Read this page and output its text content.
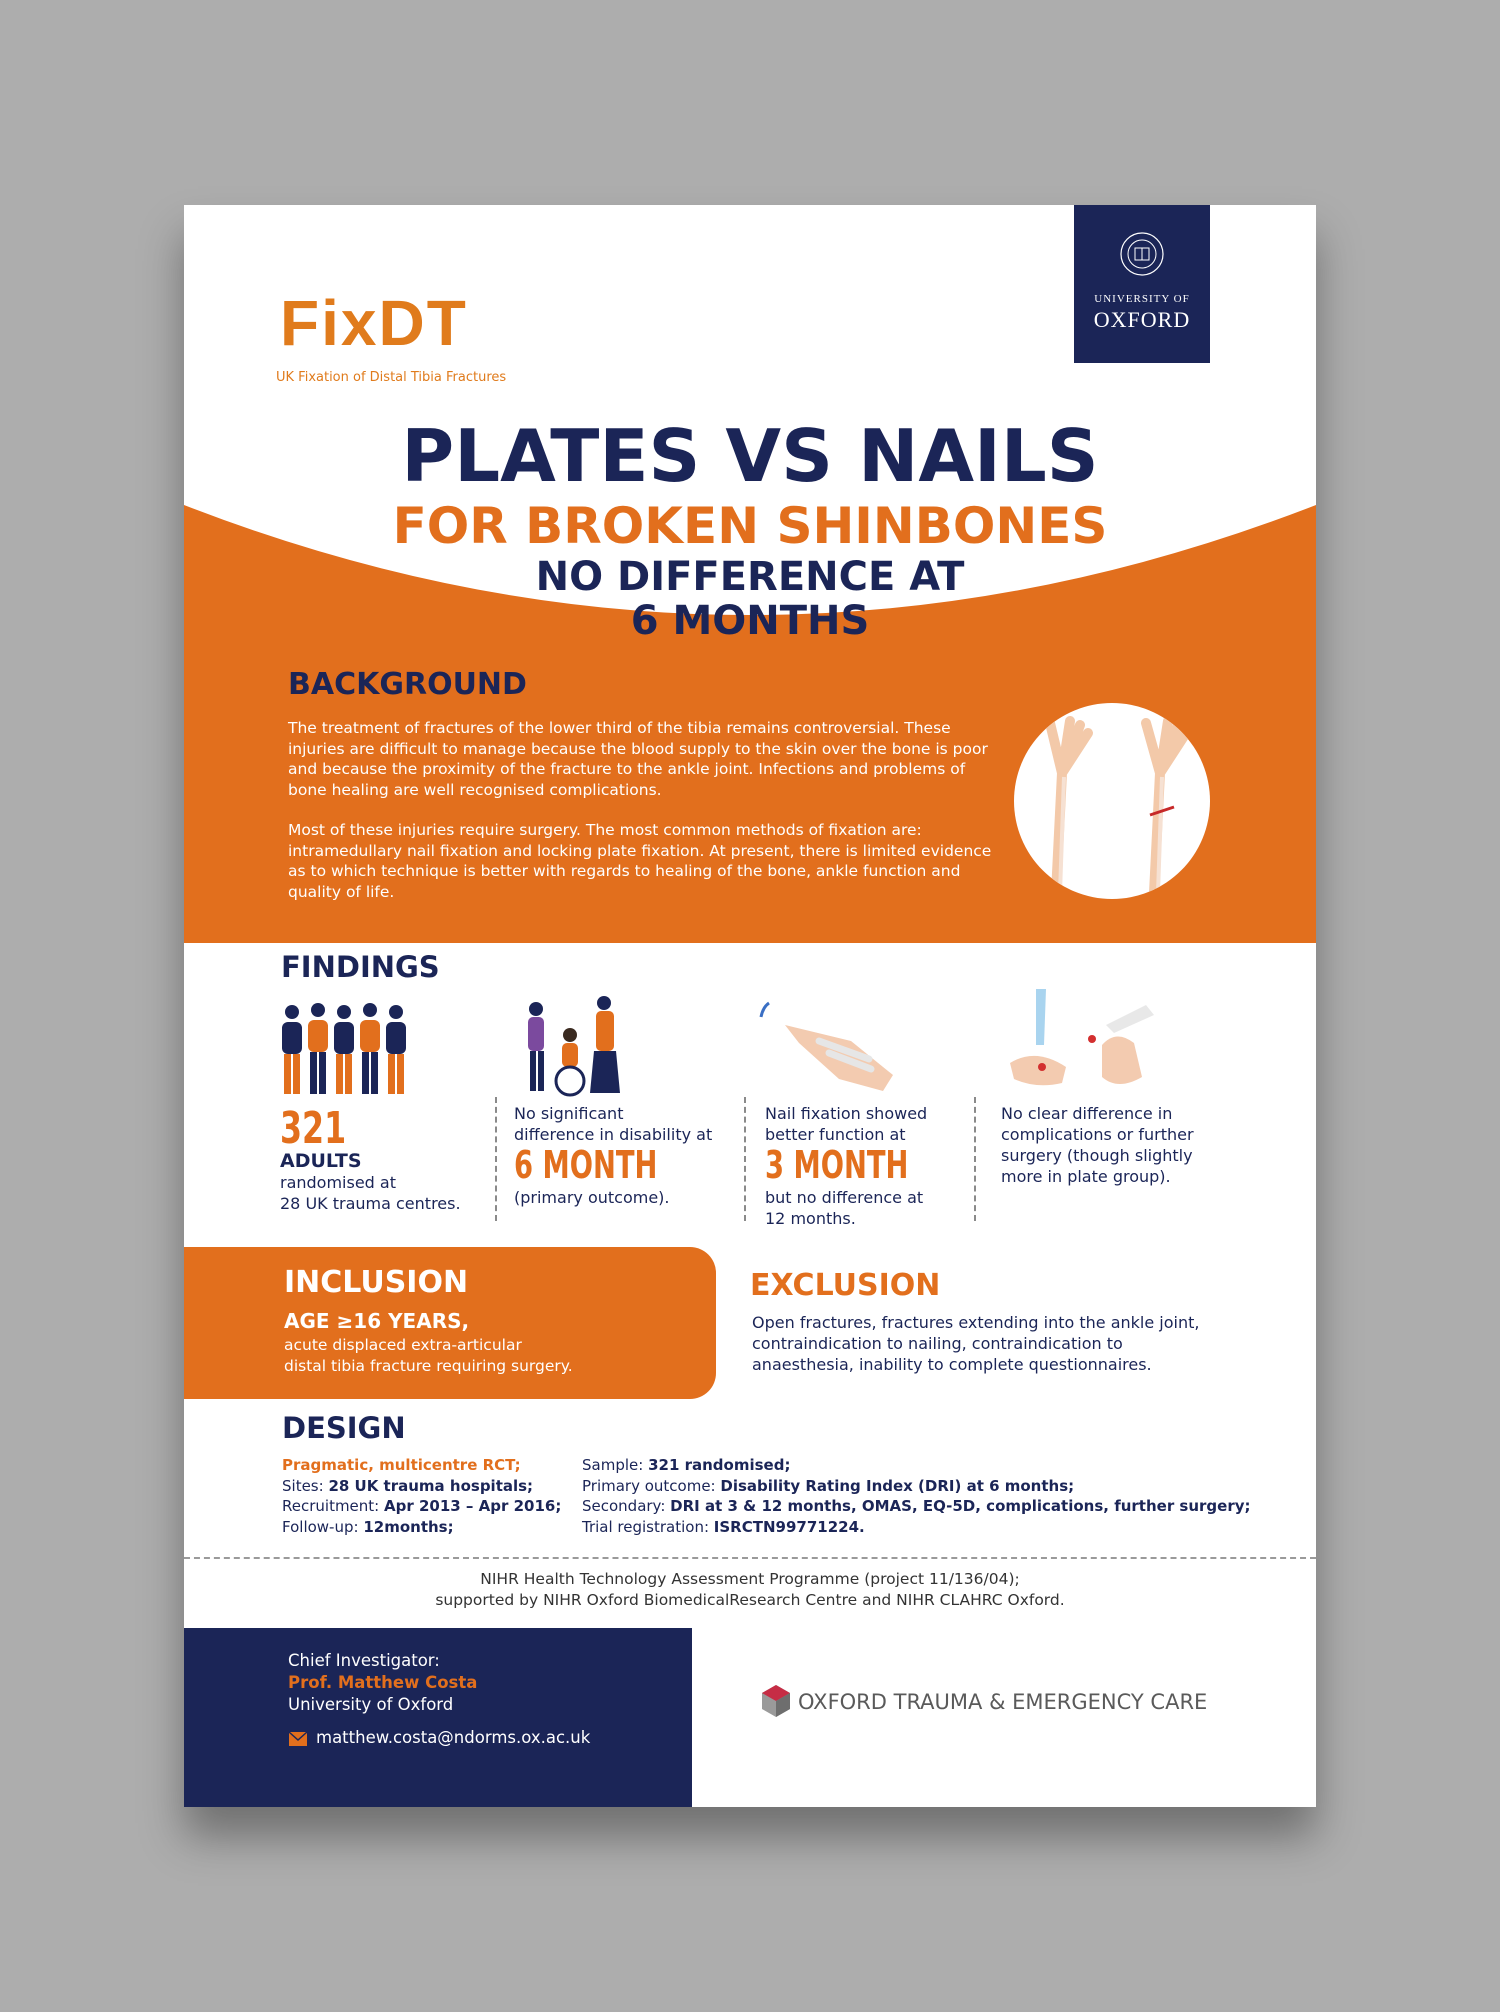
UNIVERSITY OF
OXFORD
FixDT
UK Fixation of Distal Tibia Fractures
PLATES VS NAILS
FOR BROKEN SHINBONES
NO DIFFERENCE AT
6 MONTHS
BACKGROUND
The treatment of fractures of the lower third of the tibia remains controversial. These injuries are difficult to manage because the blood supply to the skin over the bone is poor and because the proximity of the fracture to the ankle joint. Infections and problems of bone healing are well recognised complications.
Most of these injuries require surgery. The most common methods of fixation are: intramedullary nail fixation and locking plate fixation. At present, there is limited evidence as to which technique is better with regards to healing of the bone, ankle function and quality of life.
FINDINGS
321
ADULTS
randomised at
28 UK trauma centres.
No significant
difference in disability at
6 MONTH
(primary outcome).
Nail fixation showed
better function at
3 MONTH
but no difference at
12 months.
No clear difference in
complications or further
surgery (though slightly
more in plate group).
INCLUSION
AGE ≥16 YEARS,
acute displaced extra-articular
distal tibia fracture requiring surgery.
EXCLUSION
Open fractures, fractures extending into the ankle joint,
contraindication to nailing, contraindication to
anaesthesia, inability to complete questionnaires.
DESIGN
Pragmatic, multicentre RCT;
Sites: 28 UK trauma hospitals;
Recruitment: Apr 2013 – Apr 2016;
Follow-up: 12months;
Sample: 321 randomised;
Primary outcome: Disability Rating Index (DRI) at 6 months;
Secondary: DRI at 3 & 12 months, OMAS, EQ-5D, complications, further surgery;
Trial registration: ISRCTN99771224.
NIHR Health Technology Assessment Programme (project 11/136/04);
supported by NIHR Oxford BiomedicalResearch Centre and NIHR CLAHRC Oxford.
Chief Investigator:
Prof. Matthew Costa
University of Oxford
matthew.costa@ndorms.ox.ac.uk
OXFORD TRAUMA & EMERGENCY CARE
